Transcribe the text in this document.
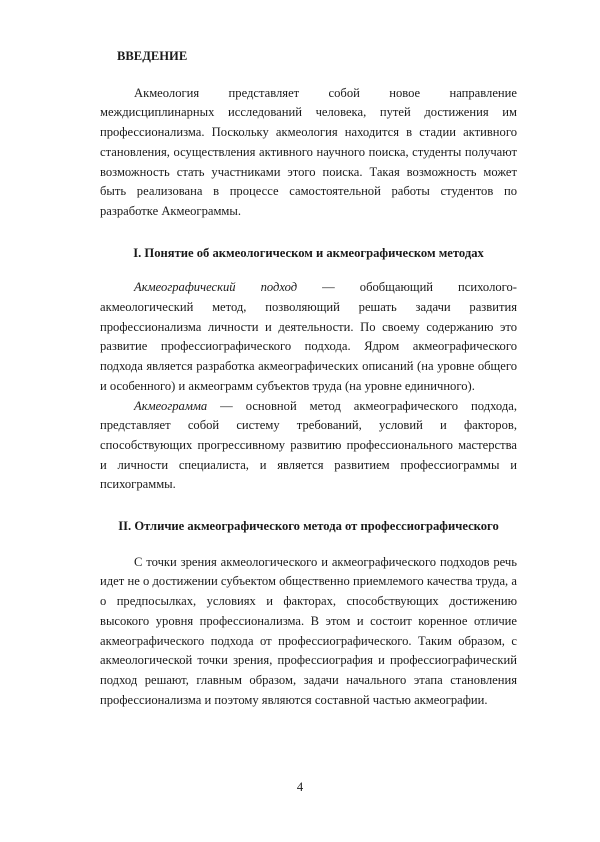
ВВЕДЕНИЕ

Акмеология представляет собой новое направление междисциплинарных исследований человека, путей достижения им профессионализма. Поскольку акмеология находится в стадии активного становления, осуществления активного научного поиска, студенты получают возможность стать участниками этого поиска. Такая возможность может быть реализована в процессе самостоятельной работы студентов по разработке Акмеограммы.

I. Понятие об акмеологическом и акмеографическом методах

Акмеографический подход — обобщающий психолого-акмеологический метод, позволяющий решать задачи развития профессионализма личности и деятельности. По своему содержанию это развитие профессиографического подхода. Ядром акмеографического подхода является разработка акмеографических описаний (на уровне общего и особенного) и акмеограмм субъектов труда (на уровне единичного).

Акмеограмма — основной метод акмеографического подхода, представляет собой систему требований, условий и факторов, способствующих прогрессивному развитию профессионального мастерства и личности специалиста, и является развитием профессиограммы и психограммы.

II. Отличие акмеографического метода от профессиографического

С точки зрения акмеологического и акмеографического подходов речь идет не о достижении субъектом общественно приемлемого качества труда, а о предпосылках, условиях и факторах, способствующих достижению высокого уровня профессионализма. В этом и состоит коренное отличие акмеографического подхода от профессиографического. Таким образом, с акмеологической точки зрения, профессиография и профессиографический подход решают, главным образом, задачи начального этапа становления профессионализма и поэтому являются составной частью акмеографии.

4
